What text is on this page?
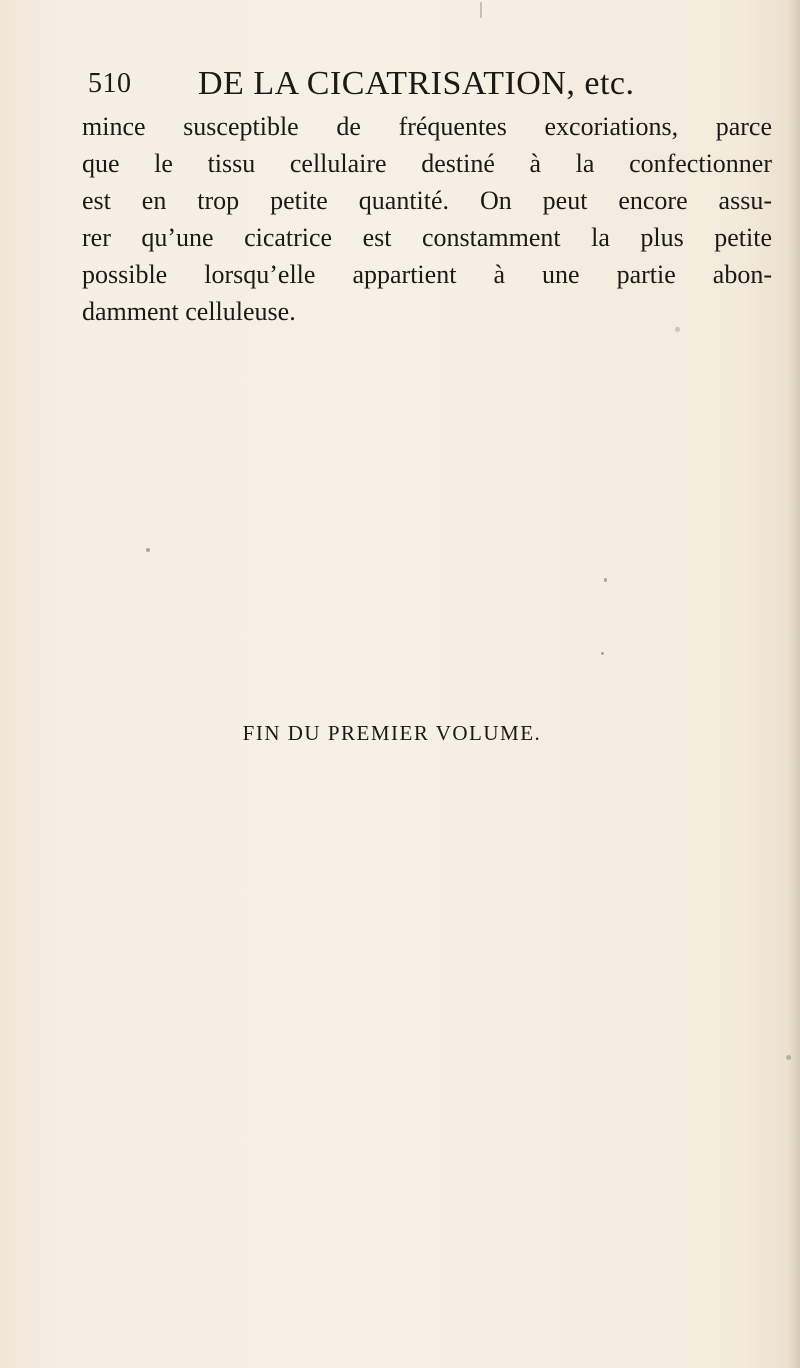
510 DE LA CICATRISATION, etc.
mince susceptible de fréquentes excoriations, parce
que le tissu cellulaire destiné à la confectionner
est en trop petite quantité. On peut encore assu-
rer qu’une cicatrice est constamment la plus petite
possible lorsqu’elle appartient à une partie abon-
damment celluleuse.
FIN DU PREMIER VOLUME.
